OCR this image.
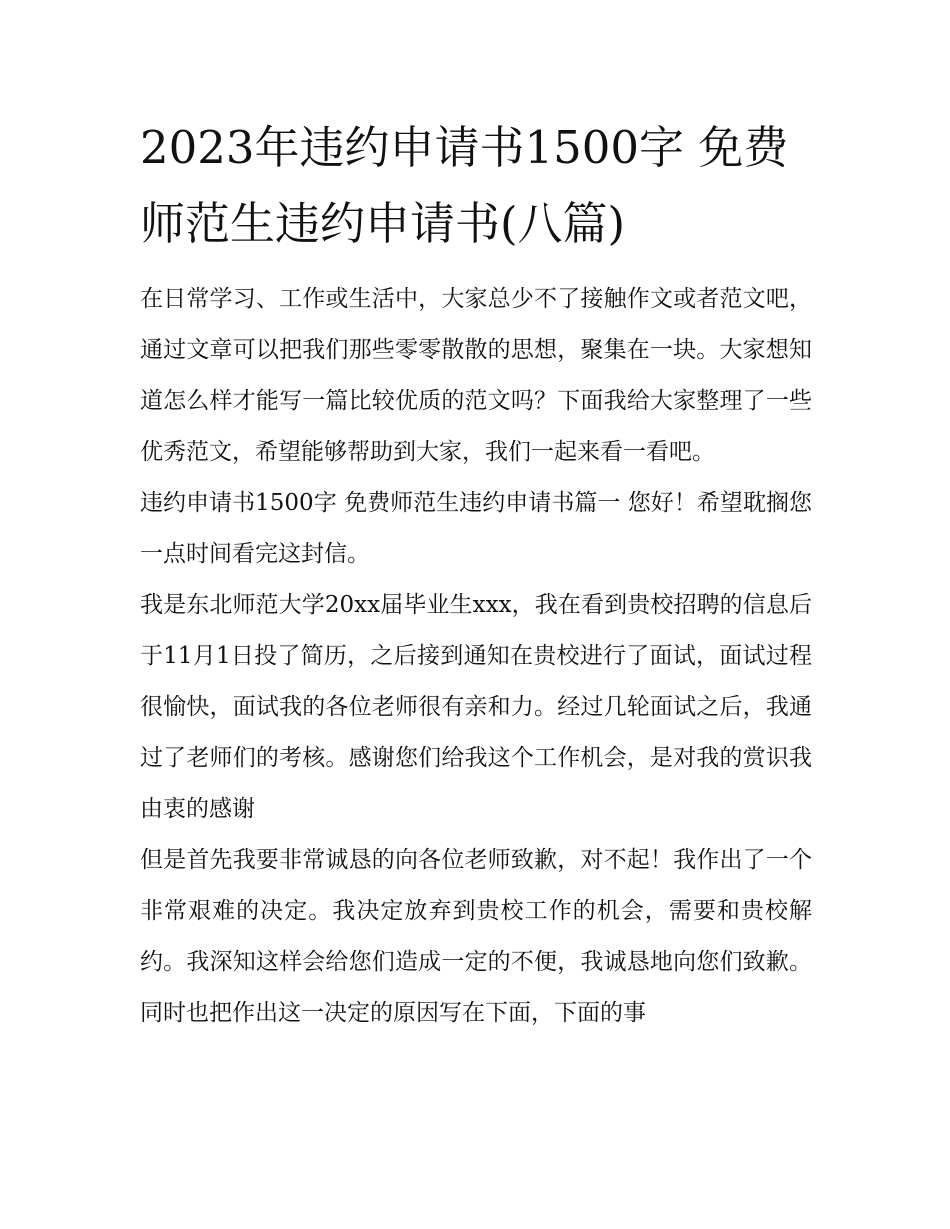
2023年违约申请书1500字 免费师范生违约申请书(八篇)

在日常学习、工作或生活中，大家总少不了接触作文或者范文吧，通过文章可以把我们那些零零散散的思想，聚集在一块。大家想知道怎么样才能写一篇比较优质的范文吗？下面我给大家整理了一些优秀范文，希望能够帮助到大家，我们一起来看一看吧。

违约申请书1500字 免费师范生违约申请书篇一 您好！希望耽搁您一点时间看完这封信。

我是东北师范大学20xx届毕业生xxx，我在看到贵校招聘的信息后于11月1日投了简历，之后接到通知在贵校进行了面试，面试过程很愉快，面试我的各位老师很有亲和力。经过几轮面试之后，我通过了老师们的考核。感谢您们给我这个工作机会，是对我的赏识我由衷的感谢

但是首先我要非常诚恳的向各位老师致歉，对不起！我作出了一个非常艰难的决定。我决定放弃到贵校工作的机会，需要和贵校解约。我深知这样会给您们造成一定的不便，我诚恳地向您们致歉。同时也把作出这一决定的原因写在下面，下面的事
